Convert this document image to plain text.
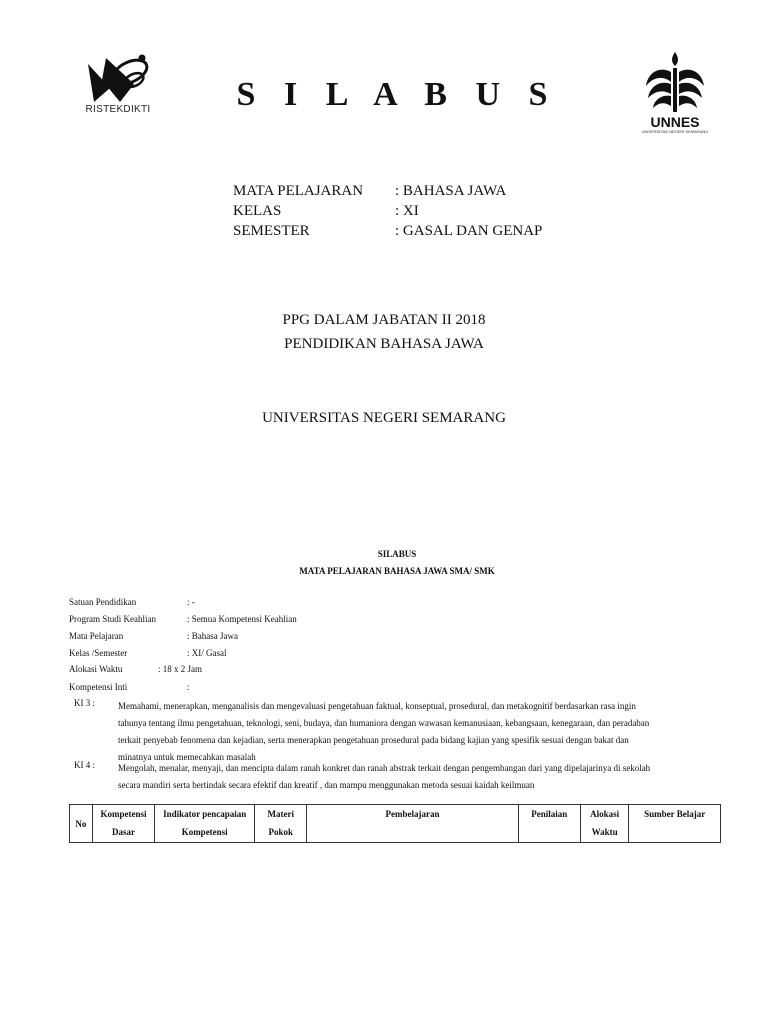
RISTEKDIKTI
UNNES
UNIVERSITAS NEGERI SEMARANG
S I L A B U S
MATA PELAJARAN : BAHASA JAWA
KELAS	: XI
SEMESTER	: GASAL DAN GENAP
PPG DALAM JABATAN II 2018
PENDIDIKAN BAHASA JAWA
UNIVERSITAS NEGERI SEMARANG
SILABUS
MATA PELAJARAN BAHASA JAWA SMA/ SMK
Satuan Pendidikan	: -
Program Studi Keahlian	: Semua Kompetensi Keahlian
Mata Pelajaran	: Bahasa Jawa
Kelas /Semester	: XI/ Gasal
Alokasi Waktu	: 18 x 2 Jam
Kompetensi Inti	:
KI 3 :	Memahami, menerapkan, menganalisis dan mengevaluasi pengetahuan faktual, konseptual, prosedural, dan metakognitif berdasarkan rasa ingin
tahunya tentang ilmu pengetahuan, teknologi, seni, budaya, dan humaniora dengan wawasan kemanusiaan, kebangsaan, kenegaraan, dan peradaban
terkait penyebab fenomena dan kejadian, serta menerapkan pengetahuan prosedural pada bidang kajian yang spesifik sesuai dengan bakat dan
minatnya untuk memecahkan masalah
KI 4 :	Mengolah, menalar, menyaji, dan mencipta dalam ranah konkret dan ranah abstrak terkait dengan pengembangan dari yang dipelajarinya di sekolah
secara mandiri serta bertindak secara efektif dan kreatif , dan mampu menggunakan metoda sesuai kaidah keilmuan
No	Kompetensi Dasar	Indikator pencapaian Kompetensi	Materi Pokok	Pembelajaran	Penilaian	Alokasi Waktu	Sumber Belajar
